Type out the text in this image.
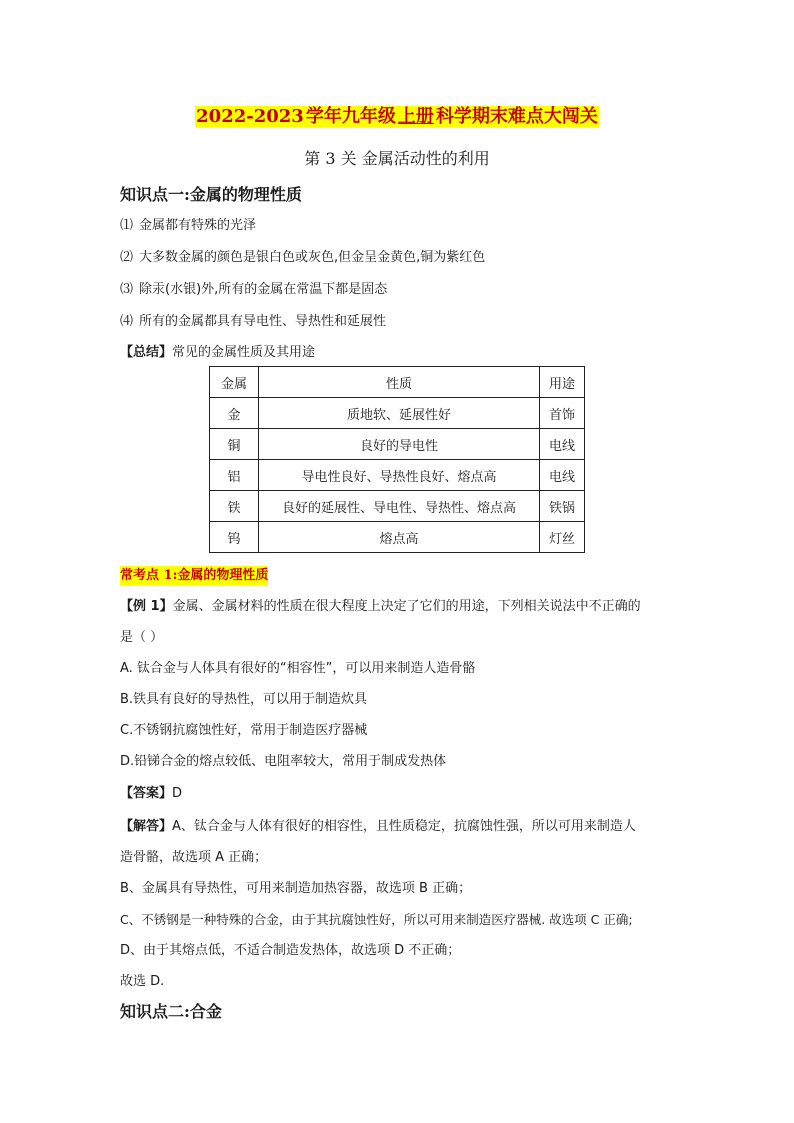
2022-2023 学年九年级 上册 科学期末难点大闯关
第 3 关 金属活动性的利用
知识点一:金属的物理性质
⑴ 金属都有特殊的光泽
⑵ 大多数金属的颜色是银白色或灰色,但金呈金黄色,铜为紫红色
⑶ 除汞(水银)外,所有的金属在常温下都是固态
⑷ 所有的金属都具有导电性、导热性和延展性
【总结】常见的金属性质及其用途
金属	性质	用途
金	质地软、延展性好	首饰
铜	良好的导电性	电线
铝	导电性良好、导热性良好、熔点高	电线
铁	良好的延展性、导电性、导热性、熔点高	铁锅
钨	熔点高	灯丝
常考点 1:金属的物理性质
【例 1】金属、金属材料的性质在很大程度上决定了它们的用途，下列相关说法中不正确的
是（ ）
A. 钛合金与人体具有很好的“相容性”，可以用来制造人造骨骼
B.铁具有良好的导热性，可以用于制造炊具
C.不锈钢抗腐蚀性好，常用于制造医疗器械
D.铅锑合金的熔点较低、电阻率较大，常用于制成发热体
【答案】D
【解答】A、钛合金与人体有很好的相容性，且性质稳定，抗腐蚀性强，所以可用来制造人
造骨骼，故选项 A 正确；
B、金属具有导热性，可用来制造加热容器，故选项 B 正确；
C、不锈钢是一种特殊的合金，由于其抗腐蚀性好，所以可用来制造医疗器械. 故选项 C 正确;
D、由于其熔点低，不适合制造发热体，故选项 D 不正确；
故选 D.
知识点二:合金
